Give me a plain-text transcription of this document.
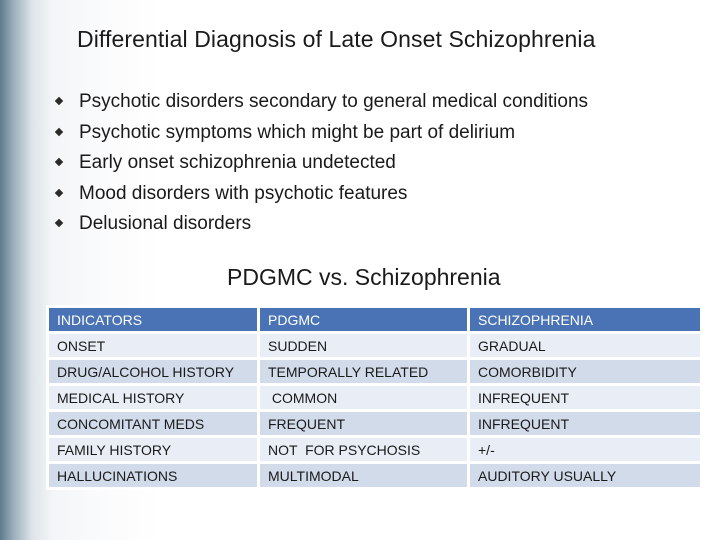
Differential Diagnosis of Late Onset Schizophrenia
Psychotic disorders secondary to general medical conditions
Psychotic symptoms which might be part of delirium
Early onset schizophrenia undetected
Mood disorders with psychotic features
Delusional disorders
PDGMC vs. Schizophrenia
INDICATORS	PDGMC	SCHIZOPHRENIA
ONSET	SUDDEN	GRADUAL
DRUG/ALCOHOL HISTORY	TEMPORALLY RELATED	COMORBIDITY
MEDICAL HISTORY	COMMON	INFREQUENT
CONCOMITANT MEDS	FREQUENT	INFREQUENT
FAMILY HISTORY	NOT  FOR PSYCHOSIS	+/-
HALLUCINATIONS	MULTIMODAL	AUDITORY USUALLY
